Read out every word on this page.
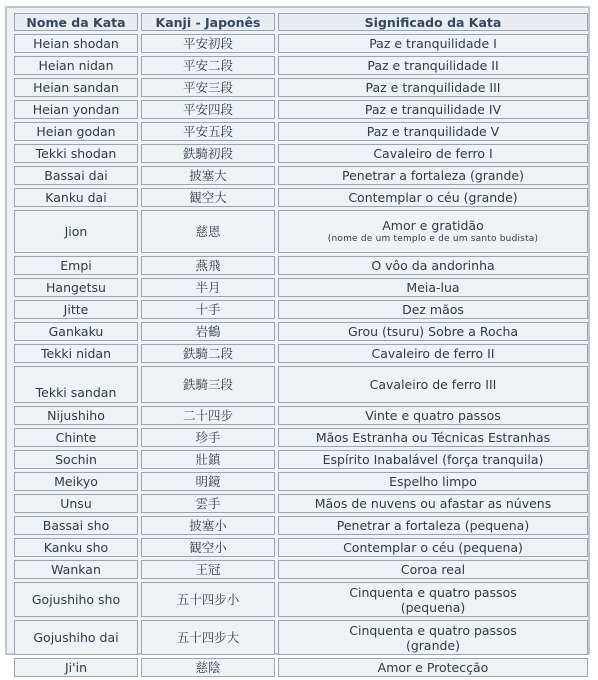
Nome da Kata	Kanji - Japonês	Significado da Kata
Heian shodan	平安初段	Paz e tranquilidade I
Heian nidan	平安二段	Paz e tranquilidade II
Heian sandan	平安三段	Paz e tranquilidade III
Heian yondan	平安四段	Paz e tranquilidade IV
Heian godan	平安五段	Paz e tranquilidade V
Tekki shodan	鉄騎初段	Cavaleiro de ferro I
Bassai dai	披塞大	Penetrar a fortaleza (grande)
Kanku dai	観空大	Contemplar o céu (grande)
Jion	慈恩	Amor e gratidão
(nome de um templo e de um santo budista)

Empi	燕飛	O vôo da andorinha
Hangetsu	半月	Meia-lua
Jitte	十手	Dez mãos
Gankaku	岩鶴	Grou (tsuru) Sobre a Rocha
Tekki nidan	鉄騎二段	Cavaleiro de ferro II
Tekki sandan	鉄騎三段	Cavaleiro de ferro III
Nijushiho	二十四步	Vinte e quatro passos
Chinte	珍手	Mãos Estranha ou Técnicas Estranhas
Sochin	壯鎮	Espírito Inabalável (força tranquila)
Meikyo	明鏡	Espelho limpo
Unsu	雲手	Mãos de nuvens ou afastar as núvens
Bassai sho	披塞小	Penetrar a fortaleza (pequena)
Kanku sho	観空小	Contemplar o céu (pequena)
Wankan	王冠	Coroa real
Gojushiho sho	五十四步小	Cinquenta e quatro passos
(pequena)
Gojushiho dai	五十四步大	Cinquenta e quatro passos
(grande)
Ji'in	慈陰	Amor e Protecção
